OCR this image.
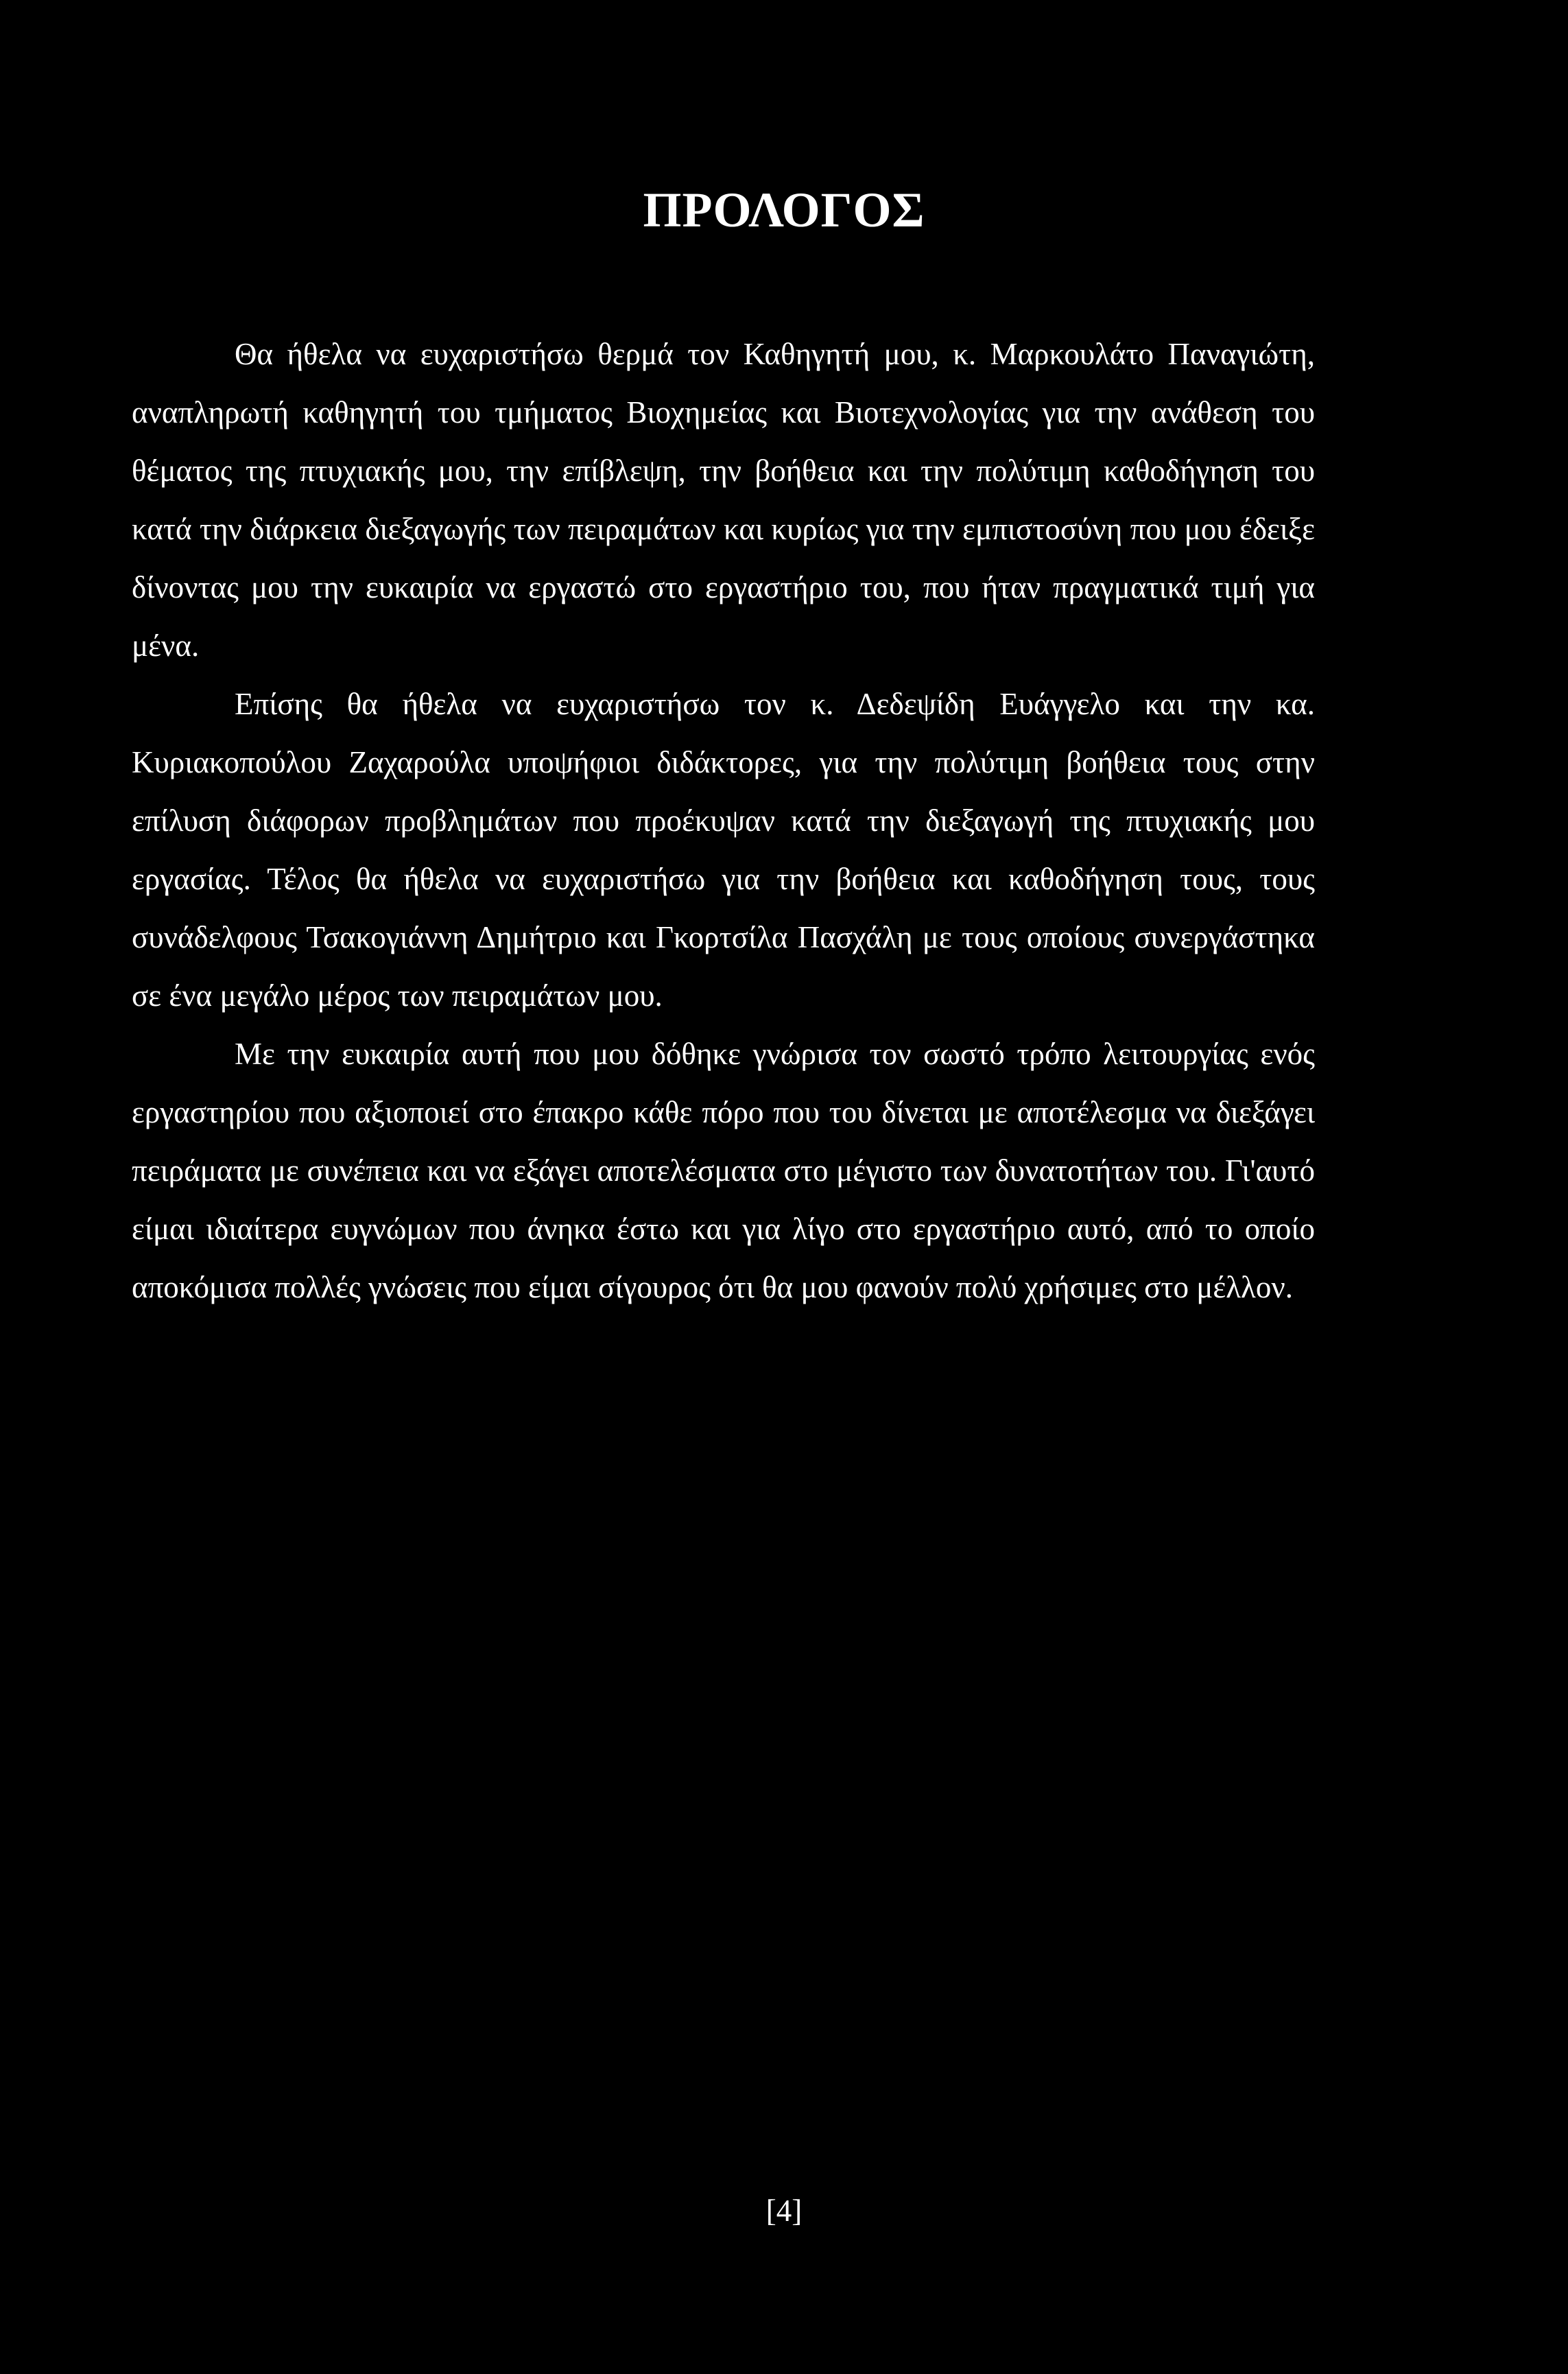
ΠΡΟΛΟΓΟΣ

Θα ήθελα να ευχαριστήσω θερμά τον Καθηγητή μου, κ. Μαρκουλάτο Παναγιώτη, αναπληρωτή καθηγητή του τμήματος Βιοχημείας και Βιοτεχνολογίας για την ανάθεση του θέματος της πτυχιακής μου, την επίβλεψη, την βοήθεια και την πολύτιμη καθοδήγηση του κατά την διάρκεια διεξαγωγής των πειραμάτων και κυρίως για την εμπιστοσύνη που μου έδειξε δίνοντας μου την ευκαιρία να εργαστώ στο εργαστήριο του, που ήταν πραγματικά τιμή για μένα.

Επίσης θα ήθελα να ευχαριστήσω τον κ. Δεδεψίδη Ευάγγελο και την κα. Κυριακοπούλου Ζαχαρούλα υποψήφιοι διδάκτορες, για την πολύτιμη βοήθεια τους στην επίλυση διάφορων προβλημάτων που προέκυψαν κατά την διεξαγωγή της πτυχιακής μου εργασίας. Τέλος θα ήθελα να ευχαριστήσω για την βοήθεια και καθοδήγηση τους, τους συνάδελφους Τσακογιάννη Δημήτριο και Γκορτσίλα Πασχάλη με τους οποίους συνεργάστηκα σε ένα μεγάλο μέρος των πειραμάτων μου.

Με την ευκαιρία αυτή που μου δόθηκε γνώρισα τον σωστό τρόπο λειτουργίας ενός εργαστηρίου που αξιοποιεί στο έπακρο κάθε πόρο που του δίνεται με αποτέλεσμα να διεξάγει πειράματα με συνέπεια και να εξάγει αποτελέσματα στο μέγιστο των δυνατοτήτων του. Γι'αυτό είμαι ιδιαίτερα ευγνώμων που άνηκα έστω και για λίγο στο εργαστήριο αυτό, από το οποίο αποκόμισα πολλές γνώσεις που είμαι σίγουρος ότι θα μου φανούν πολύ χρήσιμες στο μέλλον.

[4]
